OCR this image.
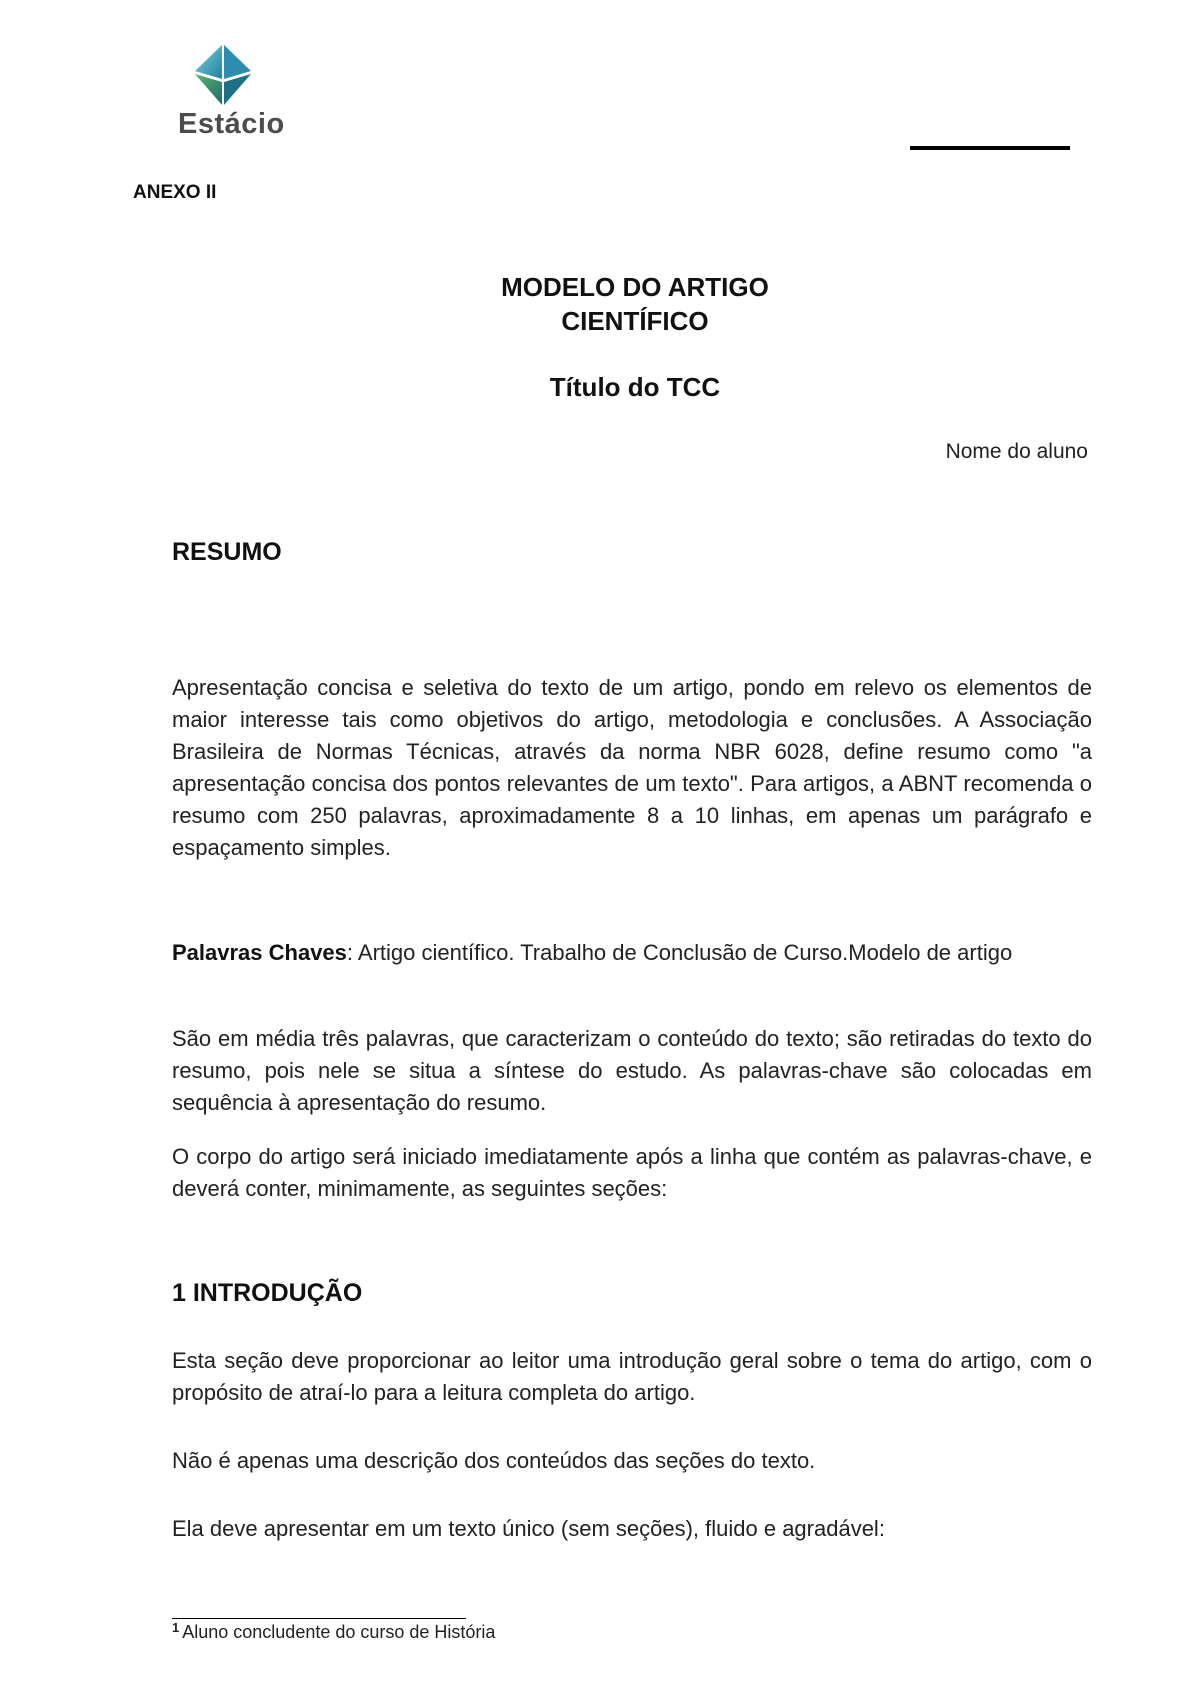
Estácio
ANEXO II
MODELO DO ARTIGO
CIENTÍFICO
Título do TCC
Nome do aluno
RESUMO
Apresentação concisa e seletiva do texto de um artigo, pondo em relevo os elementos de maior interesse tais como objetivos do artigo, metodologia e conclusões. A Associação Brasileira de Normas Técnicas, através da norma NBR 6028, define resumo como "a apresentação concisa dos pontos relevantes de um texto". Para artigos, a ABNT recomenda o resumo com 250 palavras, aproximadamente 8 a 10 linhas, em apenas um parágrafo e espaçamento simples.
Palavras Chaves: Artigo científico. Trabalho de Conclusão de Curso.Modelo de artigo
São em média três palavras, que caracterizam o conteúdo do texto; são retiradas do texto do resumo, pois nele se situa a síntese do estudo. As palavras-chave são colocadas em sequência à apresentação do resumo.
O corpo do artigo será iniciado imediatamente após a linha que contém as palavras-chave, e deverá conter, minimamente, as seguintes seções:
1 INTRODUÇÃO
Esta seção deve proporcionar ao leitor uma introdução geral sobre o tema do artigo, com o propósito de atraí-lo para a leitura completa do artigo.
Não é apenas uma descrição dos conteúdos das seções do texto.
Ela deve apresentar em um texto único (sem seções), fluido e agradável:
$^1$ Aluno concludente do curso de História
